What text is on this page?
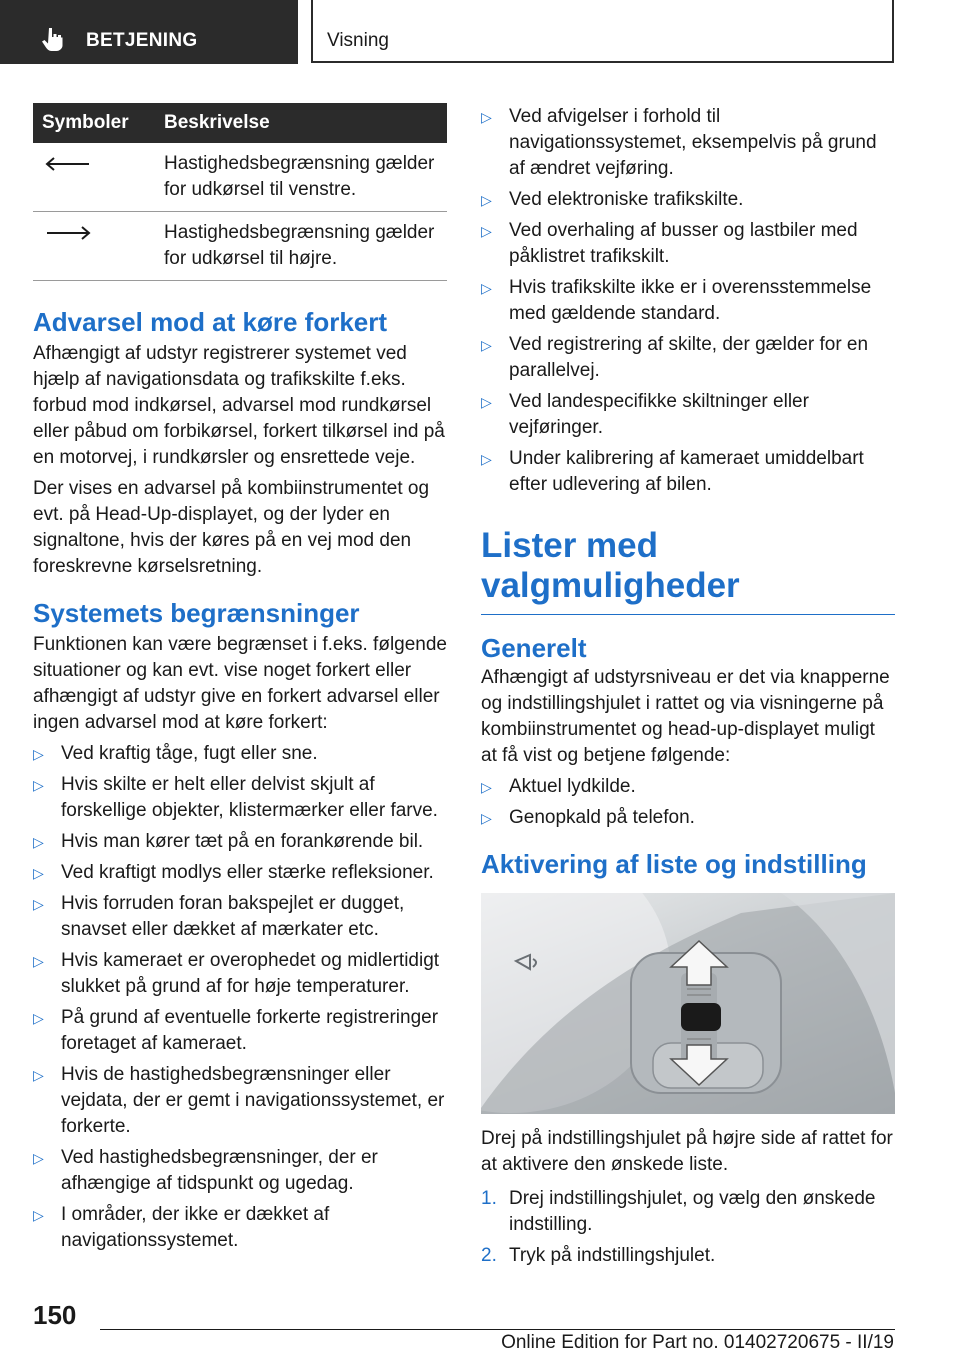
BETJENING	Visning
Symboler	Beskrivelse

	Hastighedsbegrænsning gælder for udkørsel til venstre.

	Hastighedsbegrænsning gælder for udkørsel til højre.
Advarsel mod at køre forkert

Afhængigt af udstyr registrerer systemet ved hjælp af navigationsdata og trafikskilte f.eks. forbud mod indkørsel, advarsel mod rundkørsel eller påbud om forbikørsel, forkert tilkørsel ind på en motorvej, i rundkørsler og ensrettede veje.

Der vises en advarsel på kombiinstrumentet og evt. på Head-Up-displayet, og der lyder en signaltone, hvis der køres på en vej mod den foreskrevne kørselsretning.

Systemets begrænsninger

Funktionen kan være begrænset i f.eks. følgende situationer og kan evt. vise noget forkert eller afhængigt af udstyr give en forkert advarsel eller ingen advarsel mod at køre forkert:

▷ Ved kraftig tåge, fugt eller sne.
▷ Hvis skilte er helt eller delvist skjult af forskellige objekter, klistermærker eller farve.
▷ Hvis man kører tæt på en forankørende bil.
▷ Ved kraftigt modlys eller stærke refleksioner.
▷ Hvis forruden foran bakspejlet er dugget, snavset eller dækket af mærkater etc.
▷ Hvis kameraet er overophedet og midlertidigt slukket på grund af for høje temperaturer.
▷ På grund af eventuelle forkerte registreringer foretaget af kameraet.
▷ Hvis de hastighedsbegrænsninger eller vejdata, der er gemt i navigationssystemet, er forkerte.
▷ Ved hastighedsbegrænsninger, der er afhængige af tidspunkt og ugedag.
▷ I områder, der ikke er dækket af navigationssystemet.
▷ Ved afvigelser i forhold til navigationssystemet, eksempelvis på grund af ændret vejføring.
▷ Ved elektroniske trafikskilte.
▷ Ved overhaling af busser og lastbiler med påklistret trafikskilt.
▷ Hvis trafikskilte ikke er i overensstemmelse med gældende standard.
▷ Ved registrering af skilte, der gælder for en parallelvej.
▷ Ved landespecifikke skiltninger eller vejføringer.
▷ Under kalibrering af kameraet umiddelbart efter udlevering af bilen.
Lister med valgmuligheder
Generelt

Afhængigt af udstyrsniveau er det via knapperne og indstillingshjulet i rattet og via visningerne på kombiinstrumentet og head-up-displayet muligt at få vist og betjene følgende:

▷ Aktuel lydkilde.
▷ Genopkald på telefon.
Aktivering af liste og indstilling

Drej på indstillingshjulet på højre side af rattet for at aktivere den ønskede liste.

1. Drej indstillingshjulet, og vælg den ønskede indstilling.
2. Tryk på indstillingshjulet.
150
Online Edition for Part no. 01402720675 - II/19
